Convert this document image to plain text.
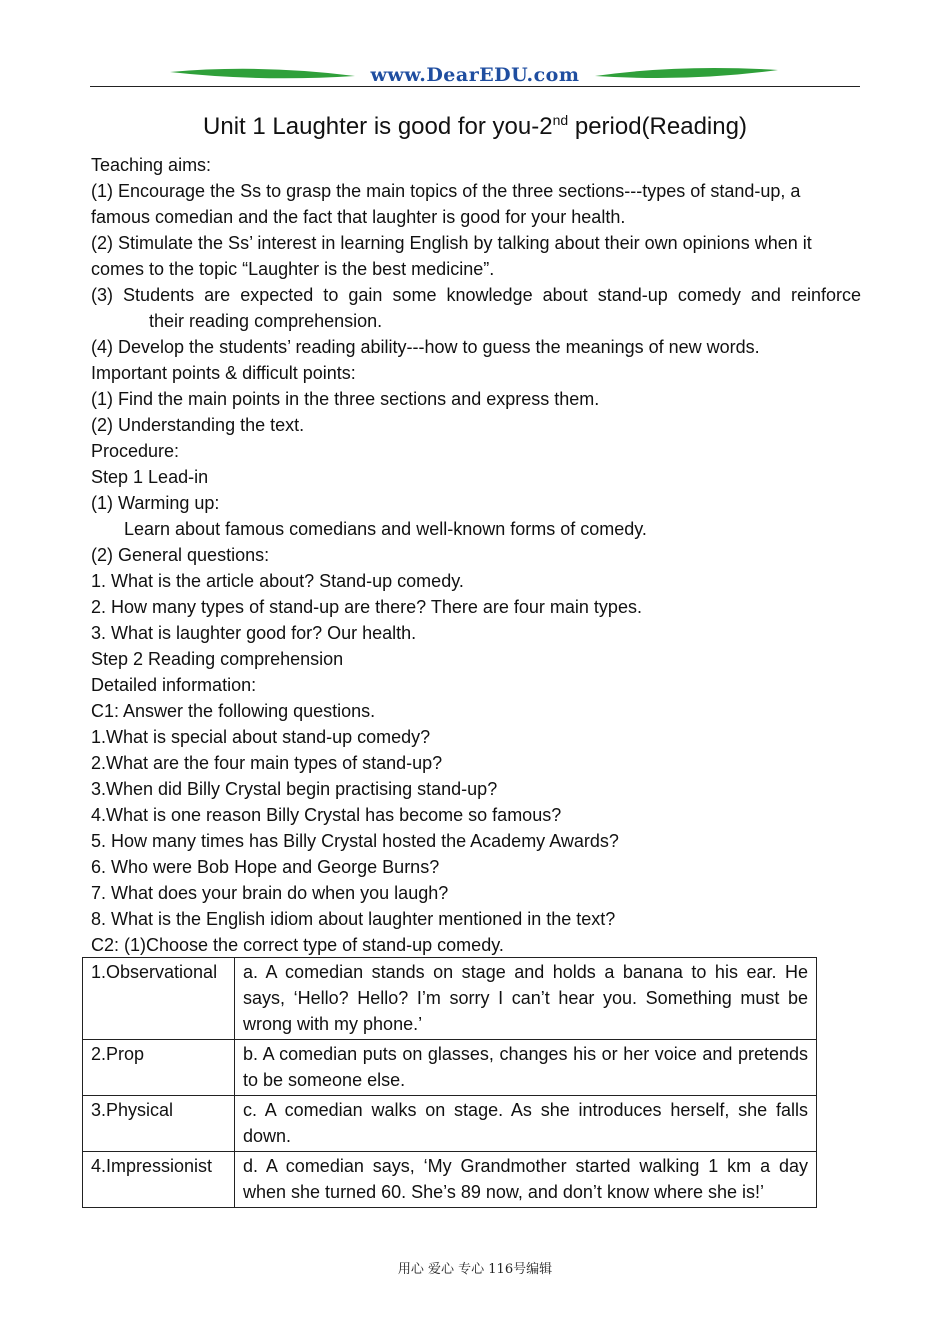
www.DearEDU.com
Unit 1 Laughter is good for you-2nd period(Reading)
Teaching aims:
(1) Encourage the Ss to grasp the main topics of the three sections---types of stand-up, a
famous comedian and the fact that laughter is good for your health.
(2) Stimulate the Ss’ interest in learning English by talking about their own opinions when it
comes to the topic “Laughter is the best medicine”.
(3) Students are expected to gain some knowledge about stand-up comedy and reinforce
their reading comprehension.
(4) Develop the students’ reading ability---how to guess the meanings of new words.
Important points & difficult points:
(1) Find the main points in the three sections and express them.
(2) Understanding the text.
Procedure:
Step 1 Lead-in
(1) Warming up:
Learn about famous comedians and well-known forms of comedy.
(2) General questions:
1. What is the article about? Stand-up comedy.
2. How many types of stand-up are there? There are four main types.
3. What is laughter good for? Our health.
Step 2 Reading comprehension
Detailed information:
C1: Answer the following questions.
1.What is special about stand-up comedy?
2.What are the four main types of stand-up?
3.When did Billy Crystal begin practising stand-up?
4.What is one reason Billy Crystal has become so famous?
5. How many times has Billy Crystal hosted the Academy Awards?
6. Who were Bob Hope and George Burns?
7. What does your brain do when you laugh?
8. What is the English idiom about laughter mentioned in the text?
C2: (1)Choose the correct type of stand-up comedy.
1.Observational	a. A comedian stands on stage and holds a banana to his ear. He says, ‘Hello? Hello? I’m sorry I can’t hear you. Something must be wrong with my phone.’
2.Prop	b. A comedian puts on glasses, changes his or her voice and pretends to be someone else.
3.Physical	c. A comedian walks on stage. As she introduces herself, she falls down.
4.Impressionist	d. A comedian says, ‘My Grandmother started walking 1 km a day when she turned 60. She’s 89 now, and don’t know where she is!’
用心 爱心 专心 116号编辑
